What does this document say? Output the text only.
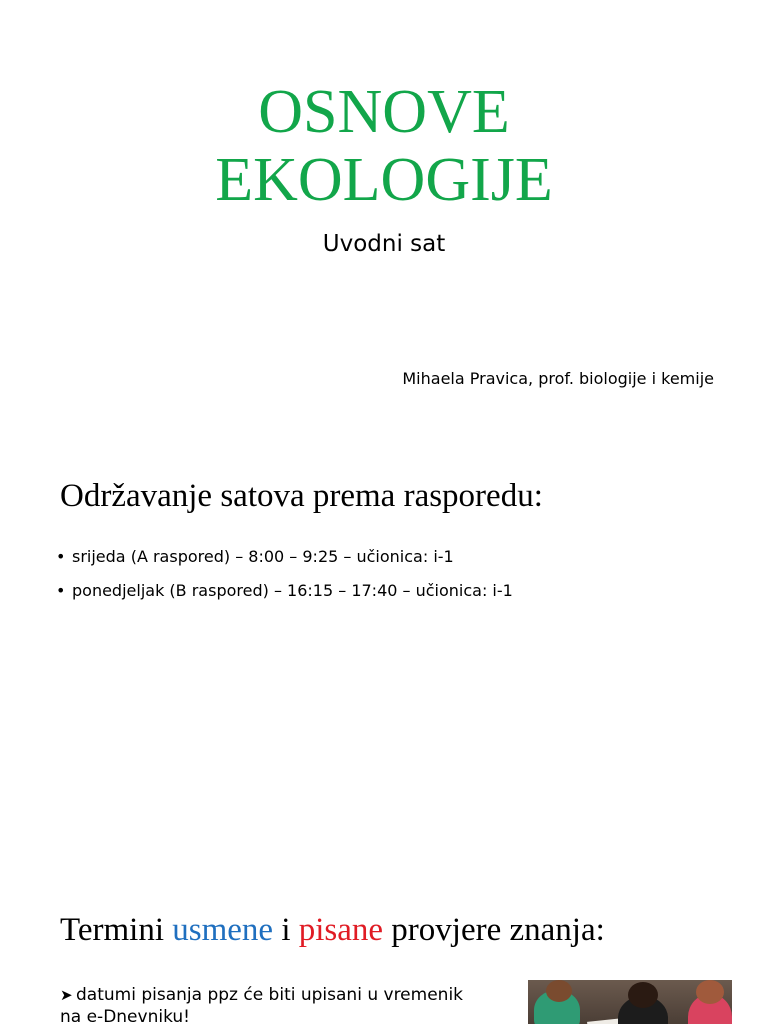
OSNOVE
EKOLOGIJE
Uvodni sat
Mihaela Pravica, prof. biologije i kemije
Održavanje satova prema rasporedu:
• srijeda (A raspored) – 8:00 – 9:25 – učionica: i-1
• ponedjeljak (B raspored) – 16:15 – 17:40 – učionica: i-1
Termini usmene i pisane provjere znanja:
➤ datumi pisanja ppz će biti upisani u vremenik
na e-Dnevniku!
